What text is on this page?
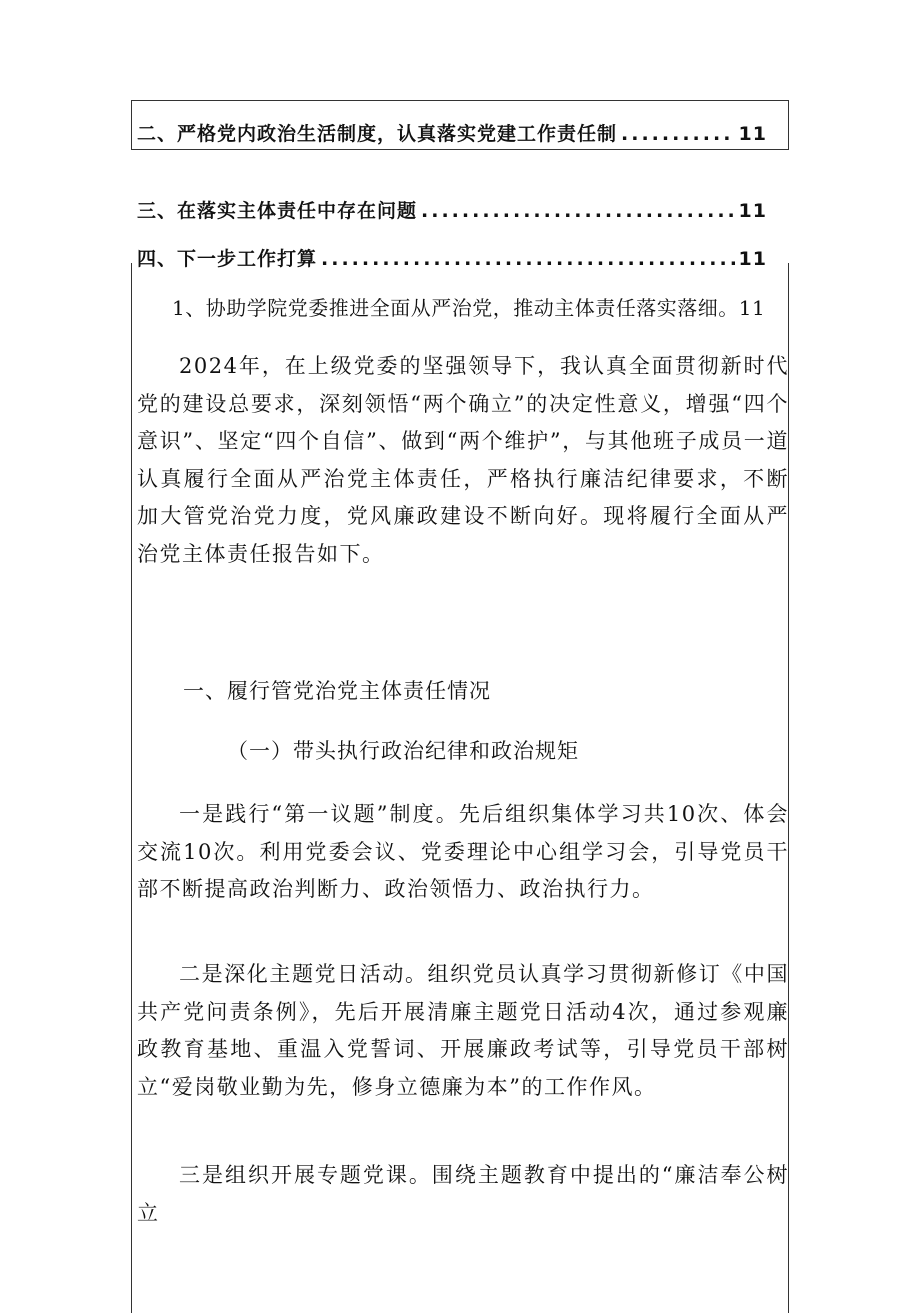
二、严格党内政治生活制度，认真落实党建工作责任制 .....	11
三、在落实主体责任中存在问题 .....	11
四、下一步工作打算 .....	11
1、协助学院党委推进全面从严治党，推动主体责任落实落细。11

2024年，在上级党委的坚强领导下，我认真全面贯彻新时代党的建设总要求，深刻领悟“两个确立”的决定性意义，增强“四个意识”、坚定“四个自信”、做到“两个维护”，与其他班子成员一道认真履行全面从严治党主体责任，严格执行廉洁纪律要求，不断加大管党治党力度，党风廉政建设不断向好。现将履行全面从严治党主体责任报告如下。

一、履行管党治党主体责任情况

（一）带头执行政治纪律和政治规矩

一是践行“第一议题”制度。先后组织集体学习共10次、体会交流10次。利用党委会议、党委理论中心组学习会，引导党员干部不断提高政治判断力、政治领悟力、政治执行力。

二是深化主题党日活动。组织党员认真学习贯彻新修订《中国共产党问责条例》，先后开展清廉主题党日活动4次，通过参观廉政教育基地、重温入党誓词、开展廉政考试等，引导党员干部树立“爱岗敬业勤为先，修身立德廉为本”的工作作风。

三是组织开展专题党课。围绕主题教育中提出的“廉洁奉公树立
